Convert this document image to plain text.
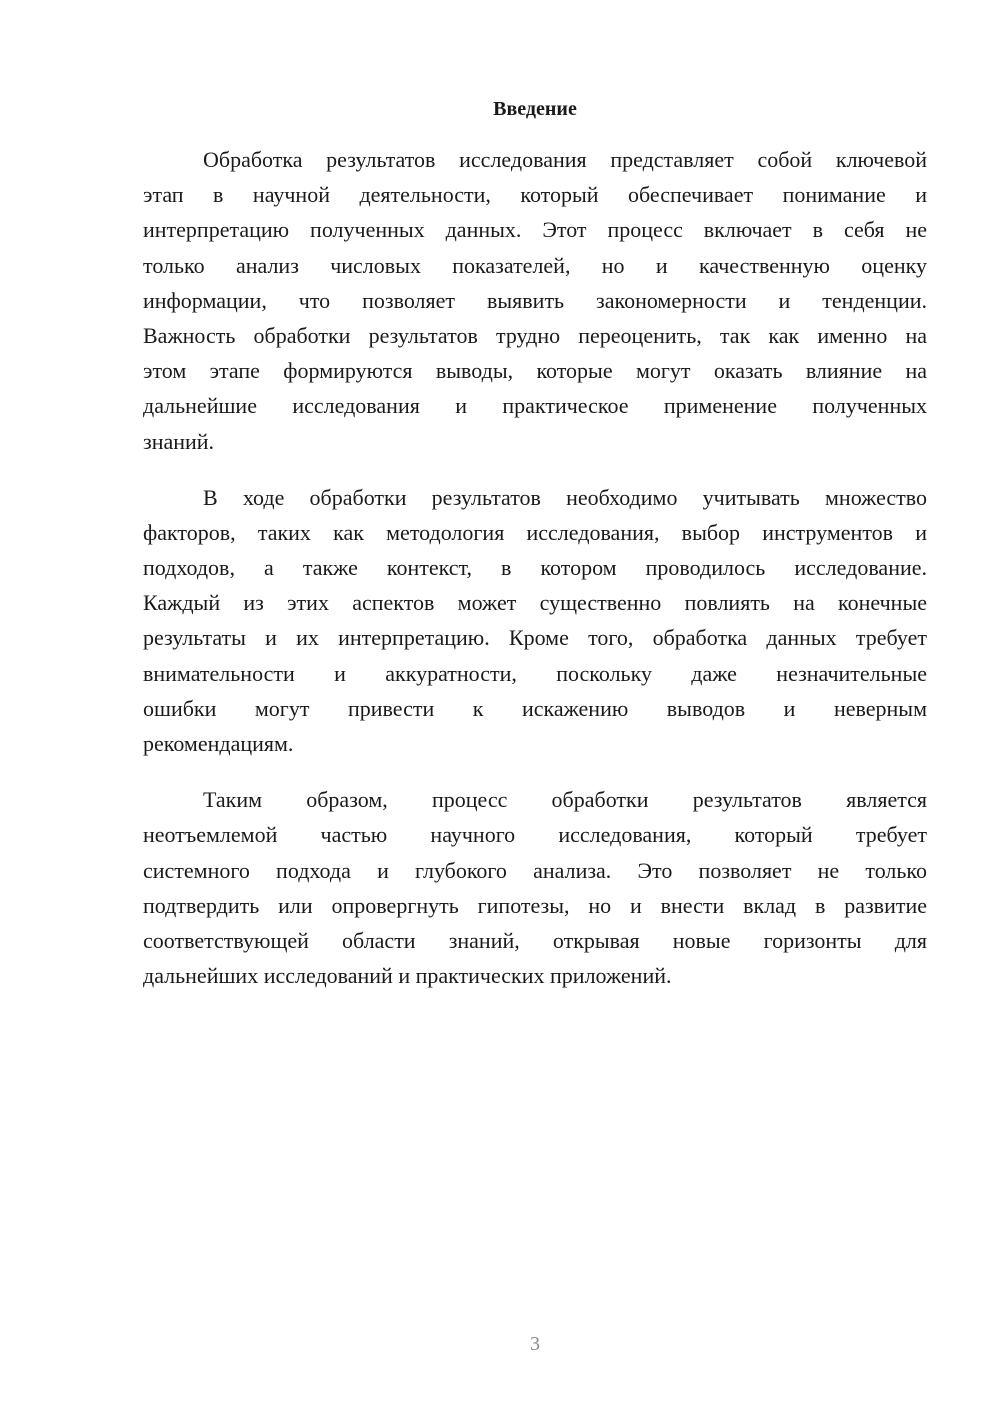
Введение
Обработка результатов исследования представляет собой ключевой
этап в научной деятельности, который обеспечивает понимание и
интерпретацию полученных данных. Этот процесс включает в себя не
только анализ числовых показателей, но и качественную оценку
информации, что позволяет выявить закономерности и тенденции.
Важность обработки результатов трудно переоценить, так как именно на
этом этапе формируются выводы, которые могут оказать влияние на
дальнейшие исследования и практическое применение полученных
знаний.
В ходе обработки результатов необходимо учитывать множество
факторов, таких как методология исследования, выбор инструментов и
подходов, а также контекст, в котором проводилось исследование.
Каждый из этих аспектов может существенно повлиять на конечные
результаты и их интерпретацию. Кроме того, обработка данных требует
внимательности и аккуратности, поскольку даже незначительные
ошибки могут привести к искажению выводов и неверным
рекомендациям.
Таким образом, процесс обработки результатов является
неотъемлемой частью научного исследования, который требует
системного подхода и глубокого анализа. Это позволяет не только
подтвердить или опровергнуть гипотезы, но и внести вклад в развитие
соответствующей области знаний, открывая новые горизонты для
дальнейших исследований и практических приложений.
3
